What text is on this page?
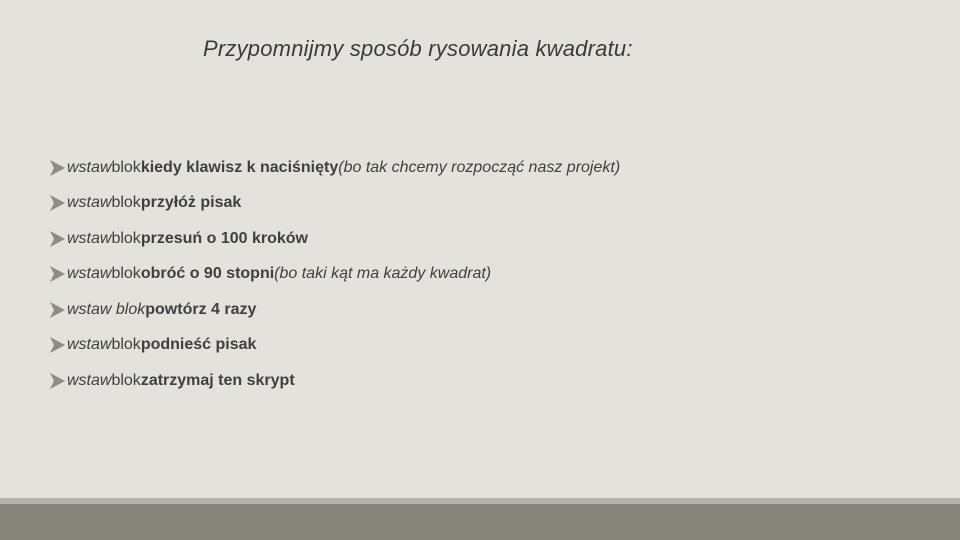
Przypomnijmy sposób rysowania kwadratu:
wstaw blok kiedy klawisz k naciśnięty (bo tak chcemy rozpocząć nasz projekt)
wstaw blok przyłóż pisak
wstaw blok przesuń o 100 kroków
wstaw blok obróć o 90 stopni (bo taki kąt ma każdy kwadrat)
wstaw blok powtórz 4 razy
wstaw blok podnieść pisak
wstaw blok zatrzymaj ten skrypt
